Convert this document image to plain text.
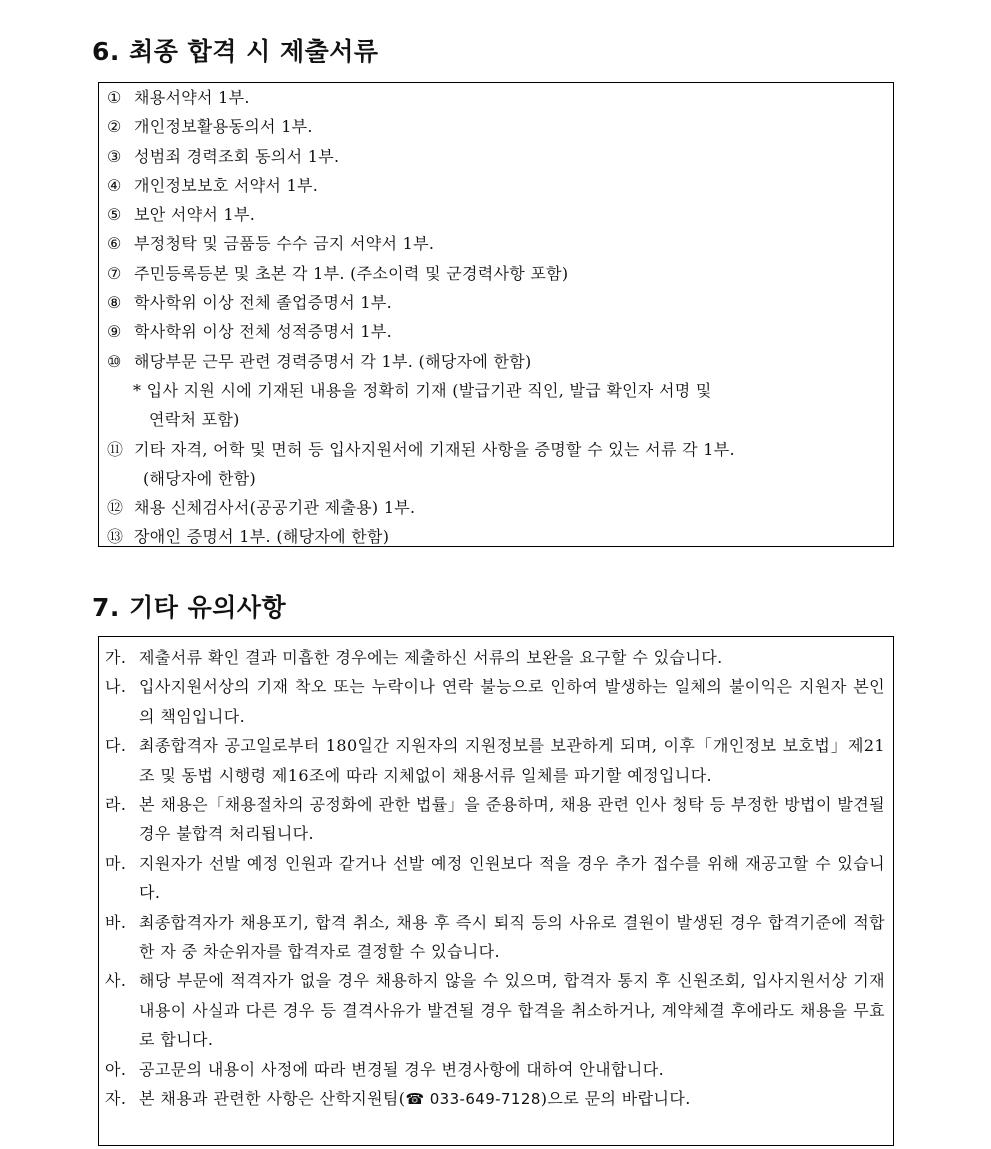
6. 최종 합격 시 제출서류
① 채용서약서 1부.
② 개인정보활용동의서 1부.
③ 성범죄 경력조회 동의서 1부.
④ 개인정보보호 서약서 1부.
⑤ 보안 서약서 1부.
⑥ 부정청탁 및 금품등 수수 금지 서약서 1부.
⑦ 주민등록등본 및 초본 각 1부. (주소이력 및 군경력사항 포함)
⑧ 학사학위 이상 전체 졸업증명서 1부.
⑨ 학사학위 이상 전체 성적증명서 1부.
⑩ 해당부문 근무 관련 경력증명서 각 1부. (해당자에 한함)
* 입사 지원 시에 기재된 내용을 정확히 기재 (발급기관 직인, 발급 확인자 서명 및
연락처 포함)
⑪ 기타 자격, 어학 및 면허 등 입사지원서에 기재된 사항을 증명할 수 있는 서류 각 1부.
(해당자에 한함)
⑫ 채용 신체검사서(공공기관 제출용) 1부.
⑬ 장애인 증명서 1부. (해당자에 한함)
7. 기타 유의사항
가. 제출서류 확인 결과 미흡한 경우에는 제출하신 서류의 보완을 요구할 수 있습니다.
나. 입사지원서상의 기재 착오 또는 누락이나 연락 불능으로 인하여 발생하는 일체의 불이익은 지원자 본인의 책임입니다.
다. 최종합격자 공고일로부터 180일간 지원자의 지원정보를 보관하게 되며, 이후「개인정보 보호법」제21조 및 동법 시행령 제16조에 따라 지체없이 채용서류 일체를 파기할 예정입니다.
라. 본 채용은「채용절차의 공정화에 관한 법률」을 준용하며, 채용 관련 인사 청탁 등 부정한 방법이 발견될 경우 불합격 처리됩니다.
마. 지원자가 선발 예정 인원과 같거나 선발 예정 인원보다 적을 경우 추가 접수를 위해 재공고할 수 있습니다.
바. 최종합격자가 채용포기, 합격 취소, 채용 후 즉시 퇴직 등의 사유로 결원이 발생된 경우 합격기준에 적합한 자 중 차순위자를 합격자로 결정할 수 있습니다.
사. 해당 부문에 적격자가 없을 경우 채용하지 않을 수 있으며, 합격자 통지 후 신원조회, 입사지원서상 기재 내용이 사실과 다른 경우 등 결격사유가 발견될 경우 합격을 취소하거나, 계약체결 후에라도 채용을 무효로 합니다.
아. 공고문의 내용이 사정에 따라 변경될 경우 변경사항에 대하여 안내합니다.
자. 본 채용과 관련한 사항은 산학지원팀(☎ 033-649-7128)으로 문의 바랍니다.
